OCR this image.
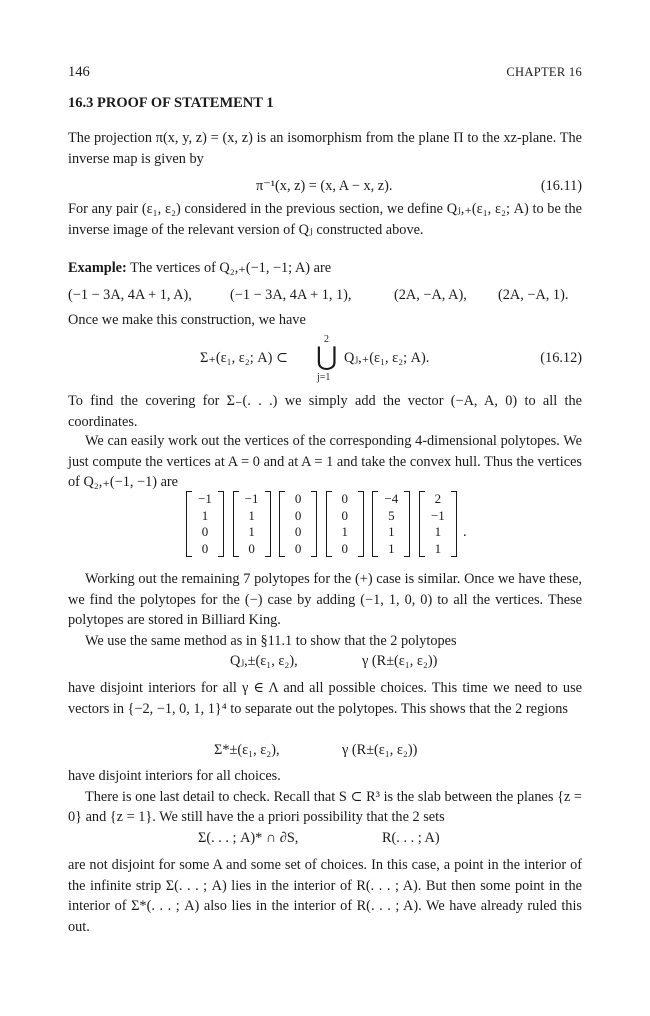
146	CHAPTER 16
16.3 PROOF OF STATEMENT 1

The projection π(x, y, z) = (x, z) is an isomorphism from the plane Π to the xz-plane. The inverse map is given by

π⁻¹(x, z) = (x, A − x, z).	(16.11)

For any pair (ε₁, ε₂) considered in the previous section, we define Qⱼ,₊(ε₁, ε₂; A) to be the inverse image of the relevant version of Qⱼ constructed above.

Example: The vertices of Q₂,₊(−1, −1; A) are

(−1 − 3A, 4A + 1, A),	(−1 − 3A, 4A + 1, 1),	(2A, −A, A), (2A, −A, 1).

Once we make this construction, we have

Σ₊(ε₁, ε₂; A) ⊂
2
⋃
j=1
Qⱼ,₊(ε₁, ε₂; A).	(16.12)

To find the covering for Σ₋(. . .) we simply add the vector (−A, A, 0) to all the coordinates.

We can easily work out the vertices of the corresponding 4-dimensional polytopes. We just compute the vertices at A = 0 and at A = 1 and take the convex hull. Thus the vertices of Q₂,₊(−1, −1) are

−1
1
0
0

−1
1
1
0

0
0
0
0

0
0
1
0

−4
5
1
1

2
−1
1
1
.

Working out the remaining 7 polytopes for the (+) case is similar. Once we have these, we find the polytopes for the (−) case by adding (−1, 1, 0, 0) to all the vertices. These polytopes are stored in Billiard King.

We use the same method as in §11.1 to show that the 2 polytopes

Qⱼ,±(ε₁, ε₂),	γ (R±(ε₁, ε₂))

have disjoint interiors for all γ ∈ Λ and all possible choices. This time we need to use vectors in {−2, −1, 0, 1, 1}⁴ to separate out the polytopes. This shows that the 2 regions

Σ*±(ε₁, ε₂),	γ (R±(ε₁, ε₂))

have disjoint interiors for all choices.

There is one last detail to check. Recall that S ⊂ R³ is the slab between the planes {z = 0} and {z = 1}. We still have the a priori possibility that the 2 sets

Σ(. . . ; A)* ∩ ∂S,	R(. . . ; A)

are not disjoint for some A and some set of choices. In this case, a point in the interior of the infinite strip Σ(. . . ; A) lies in the interior of R(. . . ; A). But then some point in the interior of Σ*(. . . ; A) also lies in the interior of R(. . . ; A). We have already ruled this out.
